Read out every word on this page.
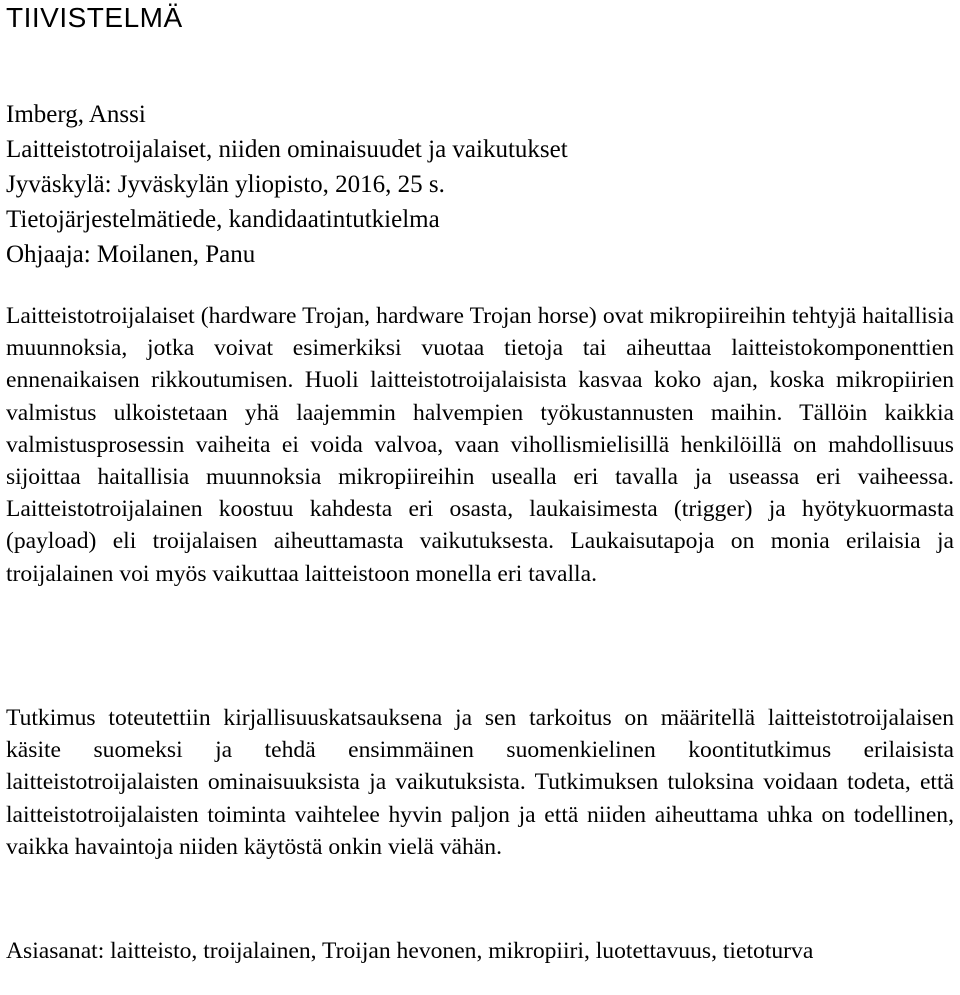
TIIVISTELMÄ
Imberg, Anssi
Laitteistotroijalaiset, niiden ominaisuudet ja vaikutukset
Jyväskylä: Jyväskylän yliopisto, 2016, 25 s.
Tietojärjestelmätiede, kandidaatintutkielma
Ohjaaja: Moilanen, Panu

Laitteistotroijalaiset (hardware Trojan, hardware Trojan horse) ovat mikropiireihin tehtyjä haitallisia muunnoksia, jotka voivat esimerkiksi vuotaa tietoja tai aiheuttaa laitteistokomponenttien ennenaikaisen rikkoutumisen. Huoli laitteistotroijalaisista kasvaa koko ajan, koska mikropiirien valmistus ulkoistetaan yhä laajemmin halvempien työkustannusten maihin. Tällöin kaikkia valmistusprosessin vaiheita ei voida valvoa, vaan vihollismielisillä henkilöillä on mahdollisuus sijoittaa haitallisia muunnoksia mikropiireihin usealla eri tavalla ja useassa eri vaiheessa. Laitteistotroijalainen koostuu kahdesta eri osasta, laukaisimesta (trigger) ja hyötykuormasta (payload) eli troijalaisen aiheuttamasta vaikutuksesta. Laukaisutapoja on monia erilaisia ja troijalainen voi myös vaikuttaa laitteistoon monella eri tavalla.

Tutkimus toteutettiin kirjallisuuskatsauksena ja sen tarkoitus on määritellä laitteistotroijalaisen käsite suomeksi ja tehdä ensimmäinen suomenkielinen koontitutkimus erilaisista laitteistotroijalaisten ominaisuuksista ja vaikutuksista. Tutkimuksen tuloksina voidaan todeta, että laitteistotroijalaisten toiminta vaihtelee hyvin paljon ja että niiden aiheuttama uhka on todellinen, vaikka havaintoja niiden käytöstä onkin vielä vähän.

Asiasanat: laitteisto, troijalainen, Troijan hevonen, mikropiiri, luotettavuus, tietoturva
